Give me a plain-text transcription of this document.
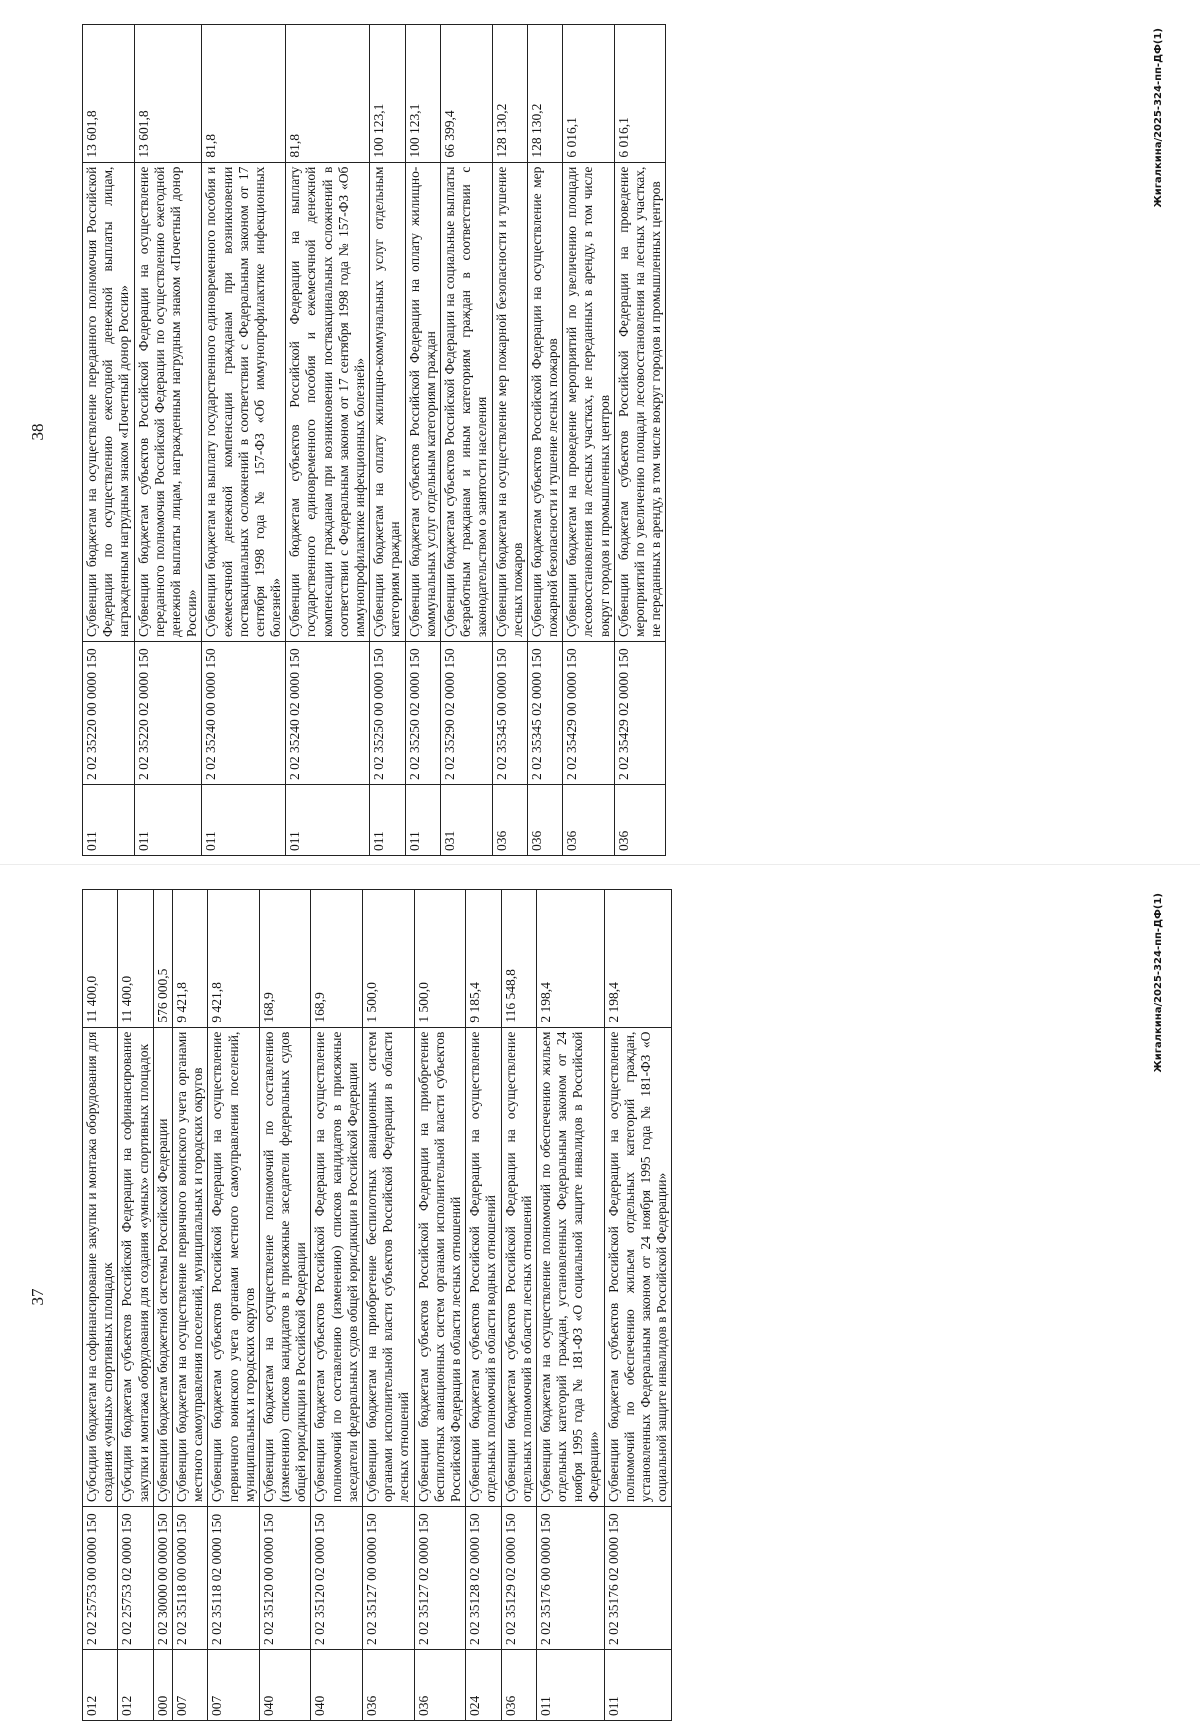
38
011	2 02 35220 00 0000 150	Субвенции бюджетам на осуществление переданного полномочия Российской Федерации по осуществлению ежегодной денежной выплаты лицам, награжденным нагрудным знаком «Почетный донор России»	13 601,8
011	2 02 35220 02 0000 150	Субвенции бюджетам субъектов Российской Федерации на осуществление переданного полномочия Российской Федерации по осуществлению ежегодной денежной выплаты лицам, награжденным нагрудным знаком «Почетный донор России»	13 601,8
011	2 02 35240 00 0000 150	Субвенции бюджетам на выплату государственного единовременного пособия и ежемесячной денежной компенсации гражданам при возникновении поствакцинальных осложнений в соответствии с Федеральным законом от 17 сентября 1998 года № 157-ФЗ «Об иммунопрофилактике инфекционных болезней»	81,8
011	2 02 35240 02 0000 150	Субвенции бюджетам субъектов Российской Федерации на выплату государственного единовременного пособия и ежемесячной денежной компенсации гражданам при возникновении поствакцинальных осложнений в соответствии с Федеральным законом от 17 сентября 1998 года № 157-ФЗ «Об иммунопрофилактике инфекционных болезней»	81,8
011	2 02 35250 00 0000 150	Субвенции бюджетам на оплату жилищно-коммунальных услуг отдельным категориям граждан	100 123,1
011	2 02 35250 02 0000 150	Субвенции бюджетам субъектов Российской Федерации на оплату жилищно-коммунальных услуг отдельным категориям граждан	100 123,1
031	2 02 35290 02 0000 150	Субвенции бюджетам субъектов Российской Федерации на социальные выплаты безработным гражданам и иным категориям граждан в соответствии с законодательством о занятости населения	66 399,4
036	2 02 35345 00 0000 150	Субвенции бюджетам на осуществление мер пожарной безопасности и тушение лесных пожаров	128 130,2
036	2 02 35345 02 0000 150	Субвенции бюджетам субъектов Российской Федерации на осуществление мер пожарной безопасности и тушение лесных пожаров	128 130,2
036	2 02 35429 00 0000 150	Субвенции бюджетам на проведение мероприятий по увеличению площади лесовосстановления на лесных участках, не переданных в аренду, в том числе вокруг городов и промышленных центров	6 016,1
036	2 02 35429 02 0000 150	Субвенции бюджетам субъектов Российской Федерации на проведение мероприятий по увеличению площади лесовосстановления на лесных участках, не переданных в аренду, в том числе вокруг городов и промышленных центров	6 016,1	Жигалкина/2025-324-пп-ДФ(1)
37
012	2 02 25753 00 0000 150	Субсидии бюджетам на софинансирование закупки и монтажа оборудования для создания «умных» спортивных площадок	11 400,0
012	2 02 25753 02 0000 150	Субсидии бюджетам субъектов Российской Федерации на софинансирование закупки и монтажа оборудования для создания «умных» спортивных площадок	11 400,0
000	2 02 30000 00 0000 150	Субвенции бюджетам бюджетной системы Российской Федерации	576 000,5
007	2 02 35118 00 0000 150	Субвенции бюджетам на осуществление первичного воинского учета органами местного самоуправления поселений, муниципальных и городских округов	9 421,8
007	2 02 35118 02 0000 150	Субвенции бюджетам субъектов Российской Федерации на осуществление первичного воинского учета органами местного самоуправления поселений, муниципальных и городских округов	9 421,8
040	2 02 35120 00 0000 150	Субвенции бюджетам на осуществление полномочий по составлению (изменению) списков кандидатов в присяжные заседатели федеральных судов общей юрисдикции в Российской Федерации	168,9
040	2 02 35120 02 0000 150	Субвенции бюджетам субъектов Российской Федерации на осуществление полномочий по составлению (изменению) списков кандидатов в присяжные заседатели федеральных судов общей юрисдикции в Российской Федерации	168,9
036	2 02 35127 00 0000 150	Субвенции бюджетам на приобретение беспилотных авиационных систем органами исполнительной власти субъектов Российской Федерации в области лесных отношений	1 500,0
036	2 02 35127 02 0000 150	Субвенции бюджетам субъектов Российской Федерации на приобретение беспилотных авиационных систем органами исполнительной власти субъектов Российской Федерации в области лесных отношений	1 500,0
024	2 02 35128 02 0000 150	Субвенции бюджетам субъектов Российской Федерации на осуществление отдельных полномочий в области водных отношений	9 185,4
036	2 02 35129 02 0000 150	Субвенции бюджетам субъектов Российской Федерации на осуществление отдельных полномочий в области лесных отношений	116 548,8
011	2 02 35176 00 0000 150	Субвенции бюджетам на осуществление полномочий по обеспечению жильем отдельных категорий граждан, установленных Федеральным законом от 24 ноября 1995 года № 181-ФЗ «О социальной защите инвалидов в Российской Федерации»	2 198,4
011	2 02 35176 02 0000 150	Субвенции бюджетам субъектов Российской Федерации на осуществление полномочий по обеспечению жильем отдельных категорий граждан, установленных Федеральным законом от 24 ноября 1995 года № 181-ФЗ «О социальной защите инвалидов в Российской Федерации»	2 198,4	Жигалкина/2025-324-пп-ДФ(1)
